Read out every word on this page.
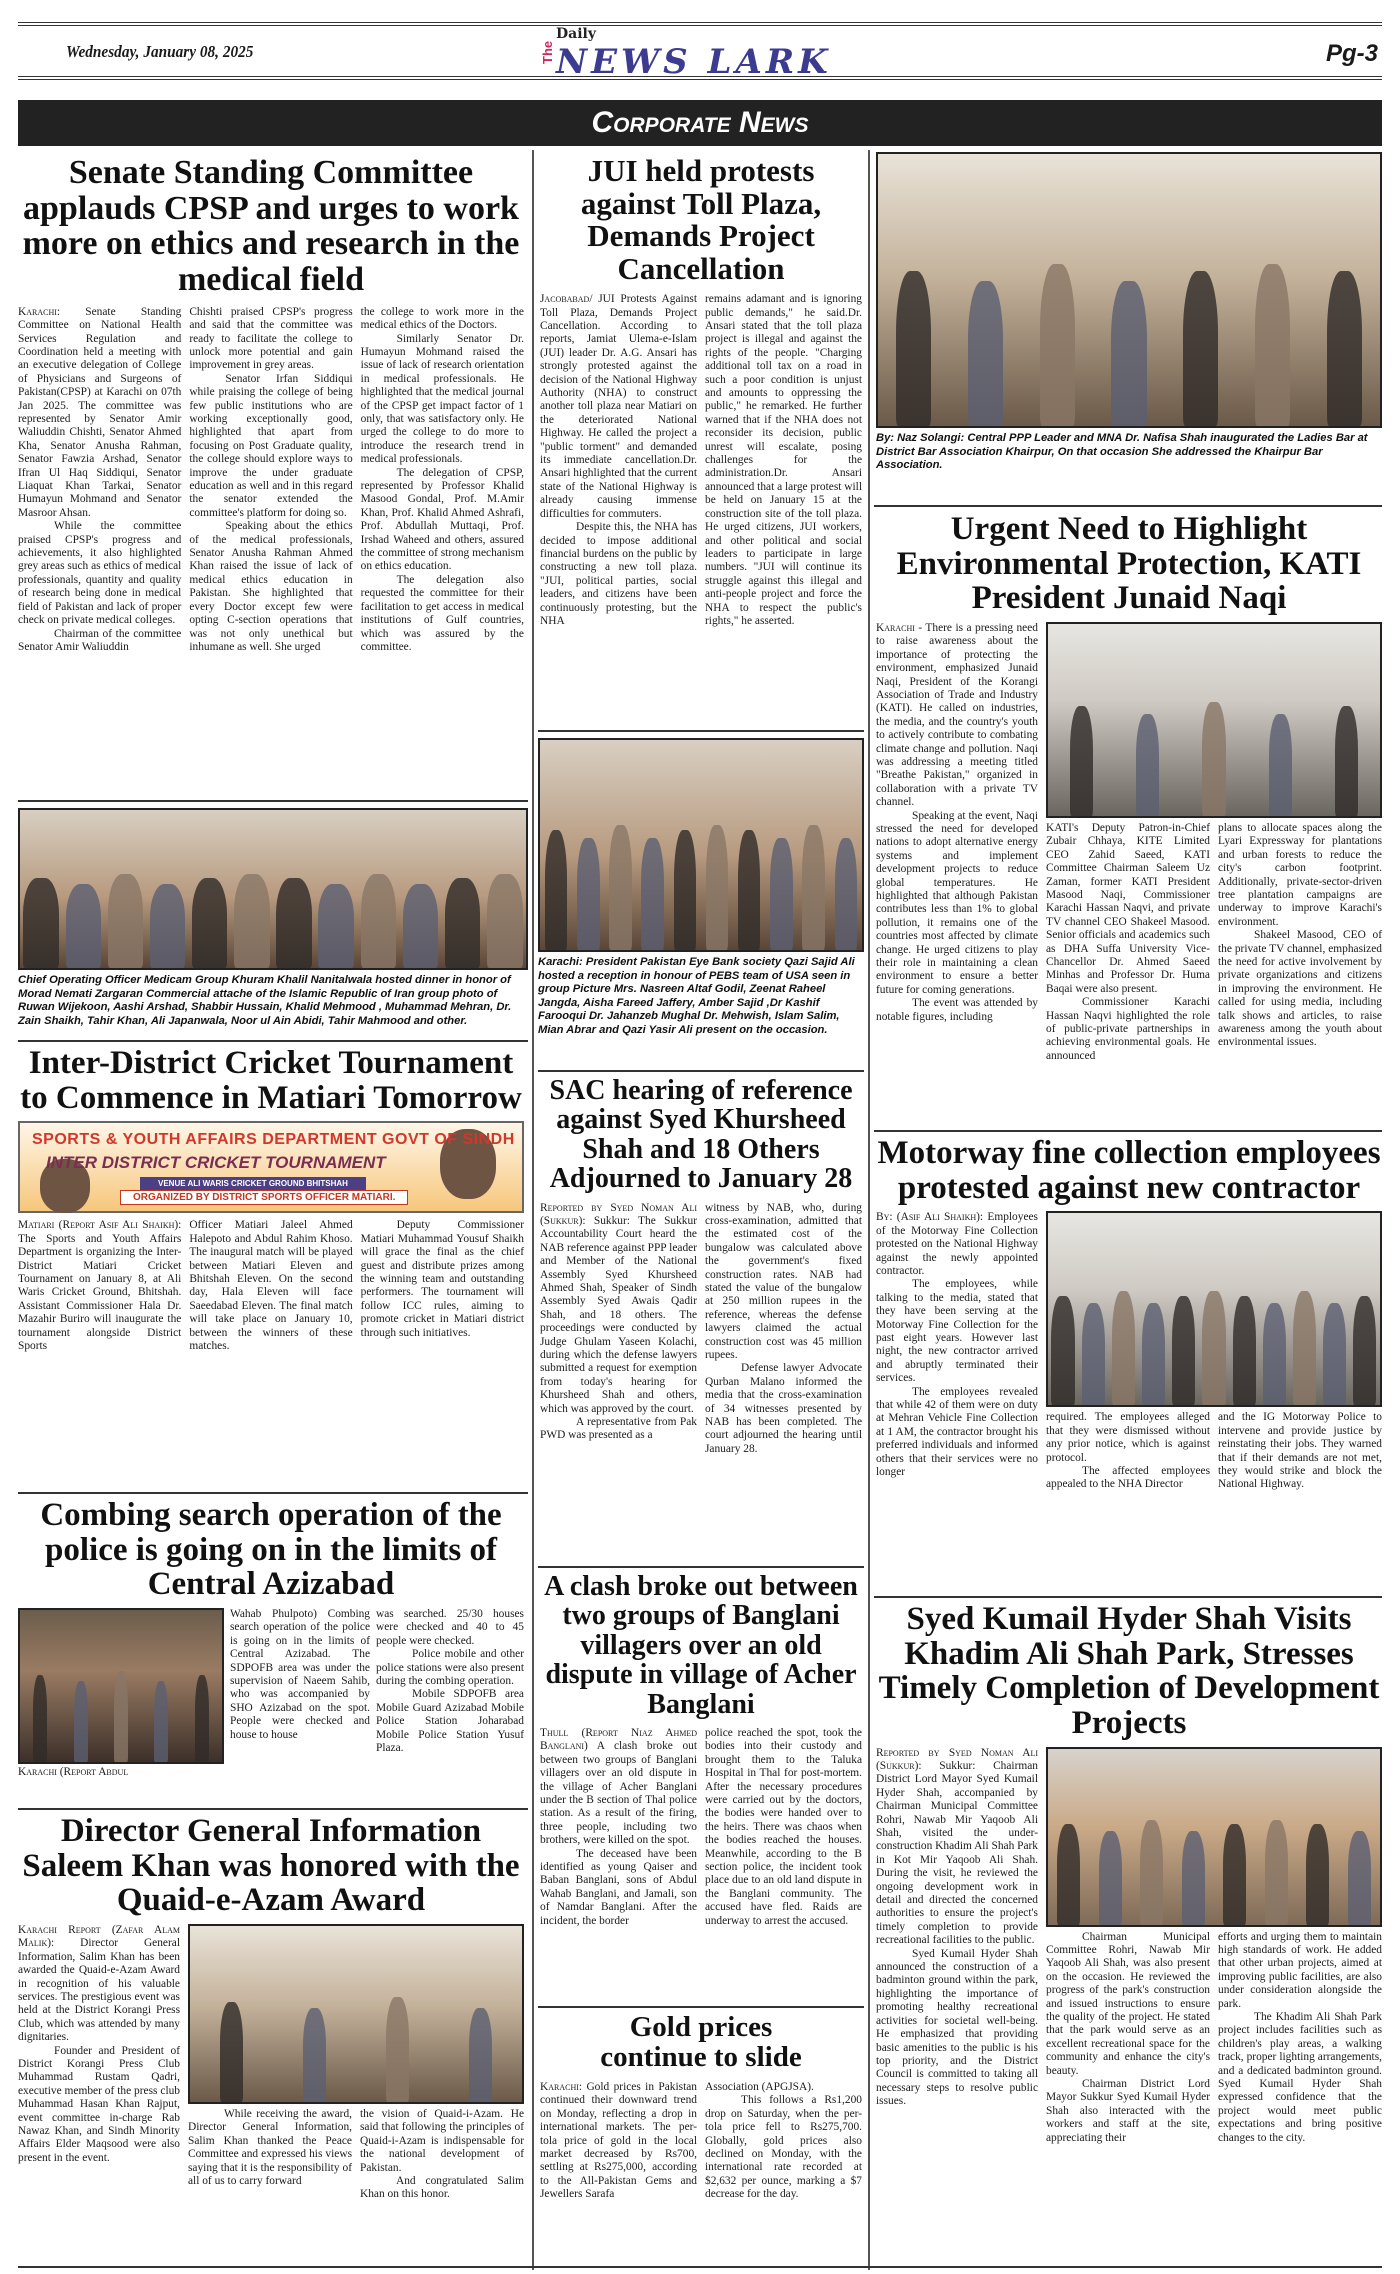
Wednesday, January 08, 2025
Daily
The NEWS LARK	Pg-3
Corporate News
Senate Standing Committee applauds CPSP and urges to work more on ethics and research in the medical field

Karachi: Senate Standing Committee on National Health Services Regulation and Coordination held a meeting with an executive delegation of College of Physicians and Surgeons of Pakistan(CPSP) at Karachi on 07th Jan 2025. The committee was represented by Senator Amir Waliuddin Chishti, Senator Ahmed Kha, Senator Anusha Rahman, Senator Fawzia Arshad, Senator Ifran Ul Haq Siddiqui, Senator Liaquat Khan Tarkai, Senator Humayun Mohmand and Senator Masroor Ahsan.

While the committee praised CPSP's progress and achievements, it also highlighted grey areas such as ethics of medical professionals, quantity and quality of research being done in medical field of Pakistan and lack of proper check on private medical colleges.

Chairman of the committee Senator Amir Waliuddin

Chishti praised CPSP's progress and said that the committee was ready to facilitate the college to unlock more potential and gain improvement in grey areas.

Senator Irfan Siddiqui while praising the college of being few public institutions who are working exceptionally good, highlighted that apart from focusing on Post Graduate quality, the college should explore ways to improve the under graduate education as well and in this regard the senator extended the committee's platform for doing so.

Speaking about the ethics of the medical professionals, Senator Anusha Rahman Ahmed Khan raised the issue of lack of medical ethics education in Pakistan. She highlighted that every Doctor except few were opting C-section operations that was not only unethical but inhumane as well. She urged

the college to work more in the medical ethics of the Doctors.

Similarly Senator Dr. Humayun Mohmand raised the issue of lack of research orientation in medical professionals. He highlighted that the medical journal of the CPSP get impact factor of 1 only, that was satisfactory only. He urged the college to do more to introduce the research trend in medical professionals.

The delegation of CPSP, represented by Professor Khalid Masood Gondal, Prof. M.Amir Khan, Prof. Khalid Ahmed Ashrafi, Prof. Abdullah Muttaqi, Prof. Irshad Waheed and others, assured the committee of strong mechanism on ethics education.

The delegation also requested the committee for their facilitation to get access in medical institutions of Gulf countries, which was assured by the committee.

Chief Operating Officer Medicam Group Khuram Khalil Nanitalwala hosted dinner in honor of Morad Nemati Zargaran Commercial attache of the Islamic Republic of Iran group photo of Ruwan Wijekoon, Aashi Arshad, Shabbir Hussain, Khalid Mehmood , Muhammad Mehran, Dr. Zain Shaikh, Tahir Khan, Ali Japanwala, Noor ul Ain Abidi, Tahir Mahmood and other.
Inter-District Cricket Tournament to Commence in Matiari Tomorrow
SPORTS & YOUTH AFFAIRS DEPARTMENT GOVT OF SINDH
INTER DISTRICT CRICKET TOURNAMENT
VENUE ALI WARIS CRICKET GROUND BHITSHAH
ORGANIZED BY DISTRICT SPORTS OFFICER MATIARI.

Matiari (Report Asif Ali Shaikh): The Sports and Youth Affairs Department is organizing the Inter-District Matiari Cricket Tournament on January 8, at Ali Waris Cricket Ground, Bhitshah. Assistant Commissioner Hala Dr. Mazahir Buriro will inaugurate the tournament alongside District Sports

Officer Matiari Jaleel Ahmed Halepoto and Abdul Rahim Khoso. The inaugural match will be played between Matiari Eleven and Bhitshah Eleven. On the second day, Hala Eleven will face Saeedabad Eleven. The final match will take place on January 10, between the winners of these matches.

Deputy Commissioner Matiari Muhammad Yousuf Shaikh will grace the final as the chief guest and distribute prizes among the winning team and outstanding performers. The tournament will follow ICC rules, aiming to promote cricket in Matiari district through such initiatives.

Combing search operation of the police is going on in the limits of Central Azizabad
Karachi (Report Abdul

Wahab Phulpoto) Combing search operation of the police is going on in the limits of Central Azizabad. The SDPOFB area was under the supervision of Naeem Sahib, who was accompanied by SHO Azizabad on the spot. People were checked and house to house

was searched. 25/30 houses were checked and 40 to 45 people were checked.

Police mobile and other police stations were also present during the combing operation.

Mobile SDPOFB area Mobile Guard Azizabad Mobile Police Station Joharabad Mobile Police Station Yusuf Plaza.

Director General Information Saleem Khan was honored with the Quaid-e-Azam Award

Karachi Report (Zafar Alam Malik): Director General Information, Salim Khan has been awarded the Quaid-e-Azam Award in recognition of his valuable services. The prestigious event was held at the District Korangi Press Club, which was attended by many dignitaries.

Founder and President of District Korangi Press Club Muhammad Rustam Qadri, executive member of the press club Muhammad Hasan Khan Rajput, event committee in-charge Rab Nawaz Khan, and Sindh Minority Affairs Elder Maqsood were also present in the event.

While receiving the award, Director General Information, Salim Khan thanked the Peace Committee and expressed his views saying that it is the responsibility of all of us to carry forward

the vision of Quaid-i-Azam. He said that following the principles of Quaid-i-Azam is indispensable for the national development of Pakistan.

And congratulated Salim Khan on this honor.

JUI held protests against Toll Plaza, Demands Project Cancellation

Jacobabad/ JUI Protests Against Toll Plaza, Demands Project Cancellation. According to reports, Jamiat Ulema-e-Islam (JUI) leader Dr. A.G. Ansari has strongly protested against the decision of the National Highway Authority (NHA) to construct another toll plaza near Matiari on the deteriorated National Highway. He called the project a "public torment" and demanded its immediate cancellation.Dr. Ansari highlighted that the current state of the National Highway is already causing immense difficulties for commuters.

Despite this, the NHA has decided to impose additional financial burdens on the public by constructing a new toll plaza. "JUI, political parties, social leaders, and citizens have been continuously protesting, but the NHA

remains adamant and is ignoring public demands," he said.Dr. Ansari stated that the toll plaza project is illegal and against the rights of the people. "Charging additional toll tax on a road in such a poor condition is unjust and amounts to oppressing the public," he remarked. He further warned that if the NHA does not reconsider its decision, public unrest will escalate, posing challenges for the administration.Dr. Ansari announced that a large protest will be held on January 15 at the construction site of the toll plaza. He urged citizens, JUI workers, and other political and social leaders to participate in large numbers. "JUI will continue its struggle against this illegal and anti-people project and force the NHA to respect the public's rights," he asserted.

Karachi: President Pakistan Eye Bank society Qazi Sajid Ali hosted a reception in honour of PEBS team of USA seen in group Picture Mrs. Nasreen Altaf Godil, Zeenat Raheel Jangda, Aisha Fareed Jaffery, Amber Sajid ,Dr Kashif Farooqui Dr. Jahanzeb Mughal Dr. Mehwish, Islam Salim, Mian Abrar and Qazi Yasir Ali present on the occasion.
SAC hearing of reference against Syed Khursheed Shah and 18 Others Adjourned to January 28

Reported by Syed Noman Ali (Sukkur): Sukkur: The Sukkur Accountability Court heard the NAB reference against PPP leader and Member of the National Assembly Syed Khursheed Ahmed Shah, Speaker of Sindh Assembly Syed Awais Qadir Shah, and 18 others. The proceedings were conducted by Judge Ghulam Yaseen Kolachi, during which the defense lawyers submitted a request for exemption from today's hearing for Khursheed Shah and others, which was approved by the court.

A representative from Pak PWD was presented as a

witness by NAB, who, during cross-examination, admitted that the estimated cost of the bungalow was calculated above the government's fixed construction rates. NAB had stated the value of the bungalow at 250 million rupees in the reference, whereas the defense lawyers claimed the actual construction cost was 45 million rupees.

Defense lawyer Advocate Qurban Malano informed the media that the cross-examination of 34 witnesses presented by NAB has been completed. The court adjourned the hearing until January 28.

A clash broke out between two groups of Banglani villagers over an old dispute in village of Acher Banglani

Thull (Report Niaz Ahmed Banglani) A clash broke out between two groups of Banglani villagers over an old dispute in the village of Acher Banglani under the B section of Thal police station. As a result of the firing, three people, including two brothers, were killed on the spot.

The deceased have been identified as young Qaiser and Baban Banglani, sons of Abdul Wahab Banglani, and Jamali, son of Namdar Banglani. After the incident, the border

police reached the spot, took the bodies into their custody and brought them to the Taluka Hospital in Thal for post-mortem. After the necessary procedures were carried out by the doctors, the bodies were handed over to the heirs. There was chaos when the bodies reached the houses. Meanwhile, according to the B section police, the incident took place due to an old land dispute in the Banglani community. The accused have fled. Raids are underway to arrest the accused.

Gold prices continue to slide

Karachi: Gold prices in Pakistan continued their downward trend on Monday, reflecting a drop in international markets. The per-tola price of gold in the local market decreased by Rs700, settling at Rs275,000, according to the All-Pakistan Gems and Jewellers Sarafa

Association (APGJSA).

This follows a Rs1,200 drop on Saturday, when the per-tola price fell to Rs275,700. Globally, gold prices also declined on Monday, with the international rate recorded at $2,632 per ounce, marking a $7 decrease for the day.

By: Naz Solangi: Central PPP Leader and MNA Dr. Nafisa Shah inaugurated the Ladies Bar at District Bar Association Khairpur, On that occasion She addressed the Khairpur Bar Association.
Urgent Need to Highlight Environmental Protection, KATI President Junaid Naqi

Karachi - There is a pressing need to raise awareness about the importance of protecting the environment, emphasized Junaid Naqi, President of the Korangi Association of Trade and Industry (KATI). He called on industries, the media, and the country's youth to actively contribute to combating climate change and pollution. Naqi was addressing a meeting titled "Breathe Pakistan," organized in collaboration with a private TV channel.

Speaking at the event, Naqi stressed the need for developed nations to adopt alternative energy systems and implement development projects to reduce global temperatures. He highlighted that although Pakistan contributes less than 1% to global pollution, it remains one of the countries most affected by climate change. He urged citizens to play their role in maintaining a clean environment to ensure a better future for coming generations.

The event was attended by notable figures, including

KATI's Deputy Patron-in-Chief Zubair Chhaya, KITE Limited CEO Zahid Saeed, KATI Committee Chairman Saleem Uz Zaman, former KATI President Masood Naqi, Commissioner Karachi Hassan Naqvi, and private TV channel CEO Shakeel Masood. Senior officials and academics such as DHA Suffa University Vice-Chancellor Dr. Ahmed Saeed Minhas and Professor Dr. Huma Baqai were also present.

Commissioner Karachi Hassan Naqvi highlighted the role of public-private partnerships in achieving environmental goals. He announced

plans to allocate spaces along the Lyari Expressway for plantations and urban forests to reduce the city's carbon footprint. Additionally, private-sector-driven tree plantation campaigns are underway to improve Karachi's environment.

Shakeel Masood, CEO of the private TV channel, emphasized the need for active involvement by private organizations and citizens in improving the environment. He called for using media, including talk shows and articles, to raise awareness among the youth about environmental issues.

Motorway fine collection employees protested against new contractor

By: (Asif Ali Shaikh): Employees of the Motorway Fine Collection protested on the National Highway against the newly appointed contractor.

The employees, while talking to the media, stated that they have been serving at the Motorway Fine Collection for the past eight years. However last night, the new contractor arrived and abruptly terminated their services.

The employees revealed that while 42 of them were on duty at Mehran Vehicle Fine Collection at 1 AM, the contractor brought his preferred individuals and informed others that their services were no longer

required. The employees alleged that they were dismissed without any prior notice, which is against protocol.

The affected employees appealed to the NHA Director

and the IG Motorway Police to intervene and provide justice by reinstating their jobs. They warned that if their demands are not met, they would strike and block the National Highway.

Syed Kumail Hyder Shah Visits Khadim Ali Shah Park, Stresses Timely Completion of Development Projects

Reported by Syed Noman Ali (Sukkur): Sukkur: Chairman District Lord Mayor Syed Kumail Hyder Shah, accompanied by Chairman Municipal Committee Rohri, Nawab Mir Yaqoob Ali Shah, visited the under-construction Khadim Ali Shah Park in Kot Mir Yaqoob Ali Shah. During the visit, he reviewed the ongoing development work in detail and directed the concerned authorities to ensure the project's timely completion to provide recreational facilities to the public.

Syed Kumail Hyder Shah announced the construction of a badminton ground within the park, highlighting the importance of promoting healthy recreational activities for societal well-being. He emphasized that providing basic amenities to the public is his top priority, and the District Council is committed to taking all necessary steps to resolve public issues.

Chairman Municipal Committee Rohri, Nawab Mir Yaqoob Ali Shah, was also present on the occasion. He reviewed the progress of the park's construction and issued instructions to ensure the quality of the project. He stated that the park would serve as an excellent recreational space for the community and enhance the city's beauty.

Chairman District Lord Mayor Sukkur Syed Kumail Hyder Shah also interacted with the workers and staff at the site, appreciating their

efforts and urging them to maintain high standards of work. He added that other urban projects, aimed at improving public facilities, are also under consideration alongside the park.

The Khadim Ali Shah Park project includes facilities such as children's play areas, a walking track, proper lighting arrangements, and a dedicated badminton ground. Syed Kumail Hyder Shah expressed confidence that the project would meet public expectations and bring positive changes to the city.
